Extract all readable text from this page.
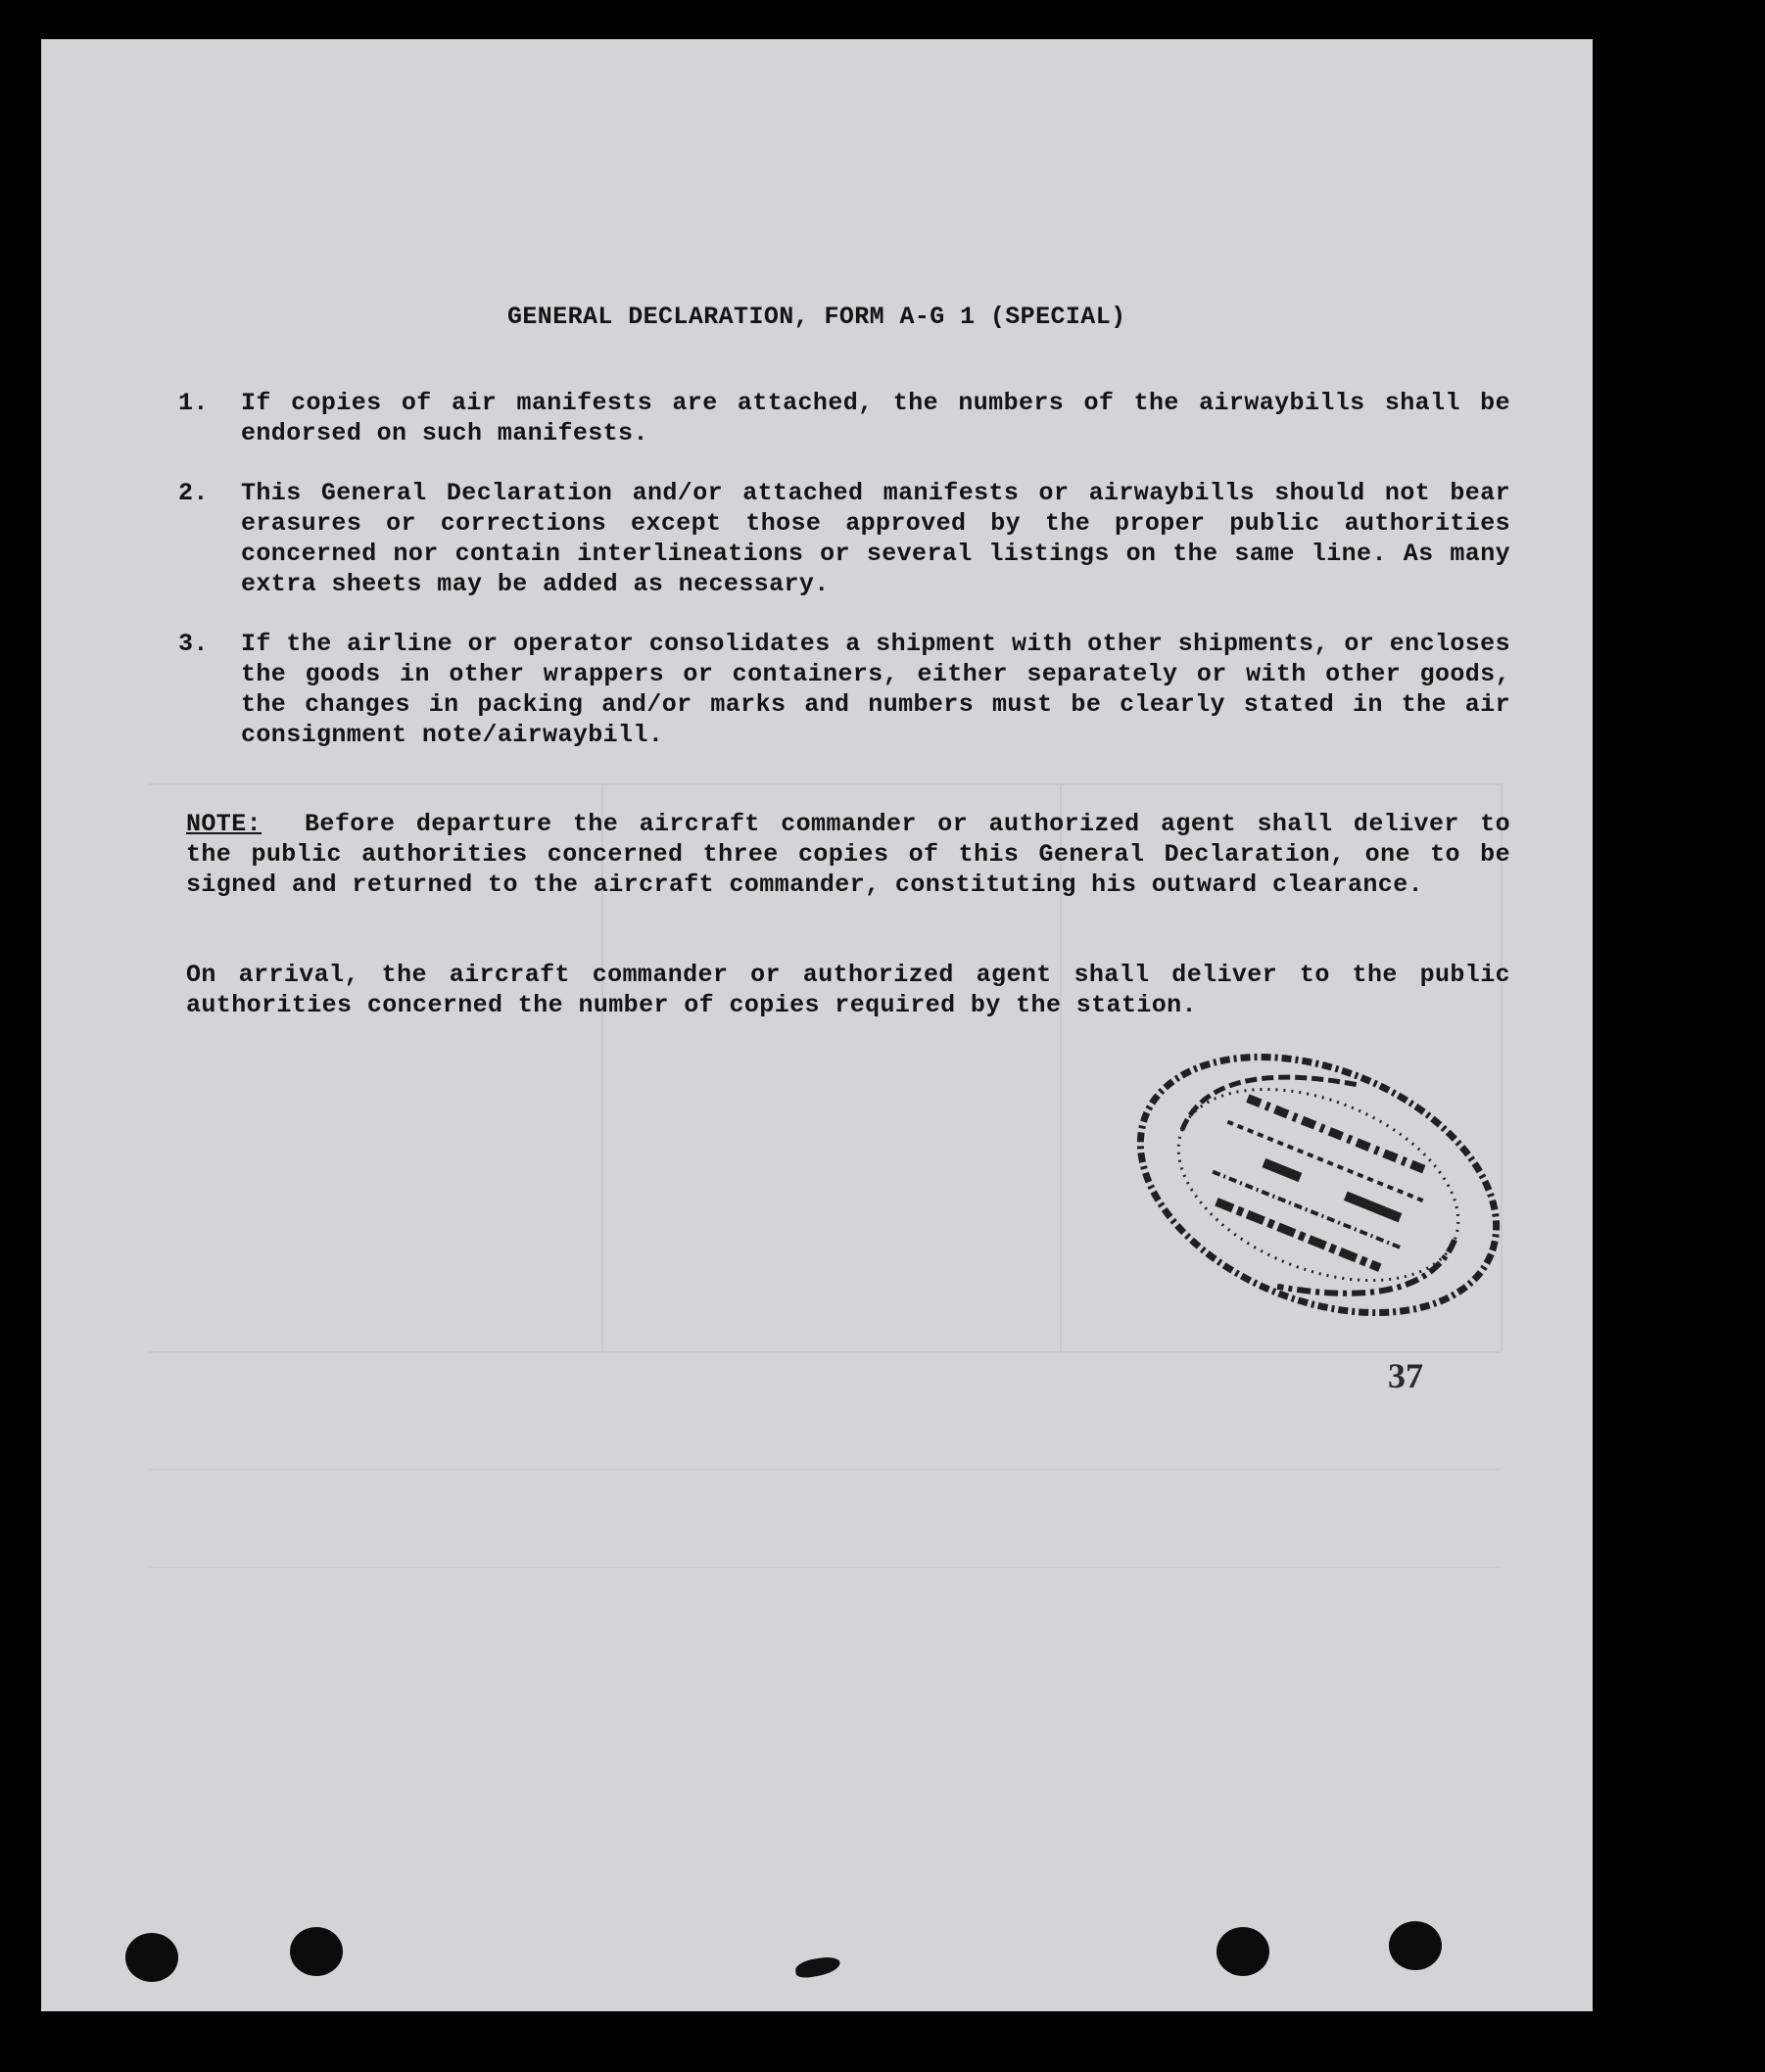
GENERAL DECLARATION, FORM A-G 1 (SPECIAL)
1. If copies of air manifests are attached, the numbers of the airwaybills shall be endorsed on such manifests.
2. This General Declaration and/or attached manifests or airwaybills should not bear erasures or corrections except those approved by the proper public authorities concerned nor contain interlineations or several listings on the same line. As many extra sheets may be added as necessary.
3. If the airline or operator consolidates a shipment with other shipments, or encloses the goods in other wrappers or containers, either separately or with other goods, the changes in packing and/or marks and numbers must be clearly stated in the air consignment note/airwaybill.
NOTE: Before departure the aircraft commander or authorized agent shall deliver to the public authorities concerned three copies of this General Declaration, one to be signed and returned to the aircraft commander, constituting his outward clearance.
On arrival, the aircraft commander or authorized agent shall deliver to the public authorities concerned the number of copies required by the station.
37
